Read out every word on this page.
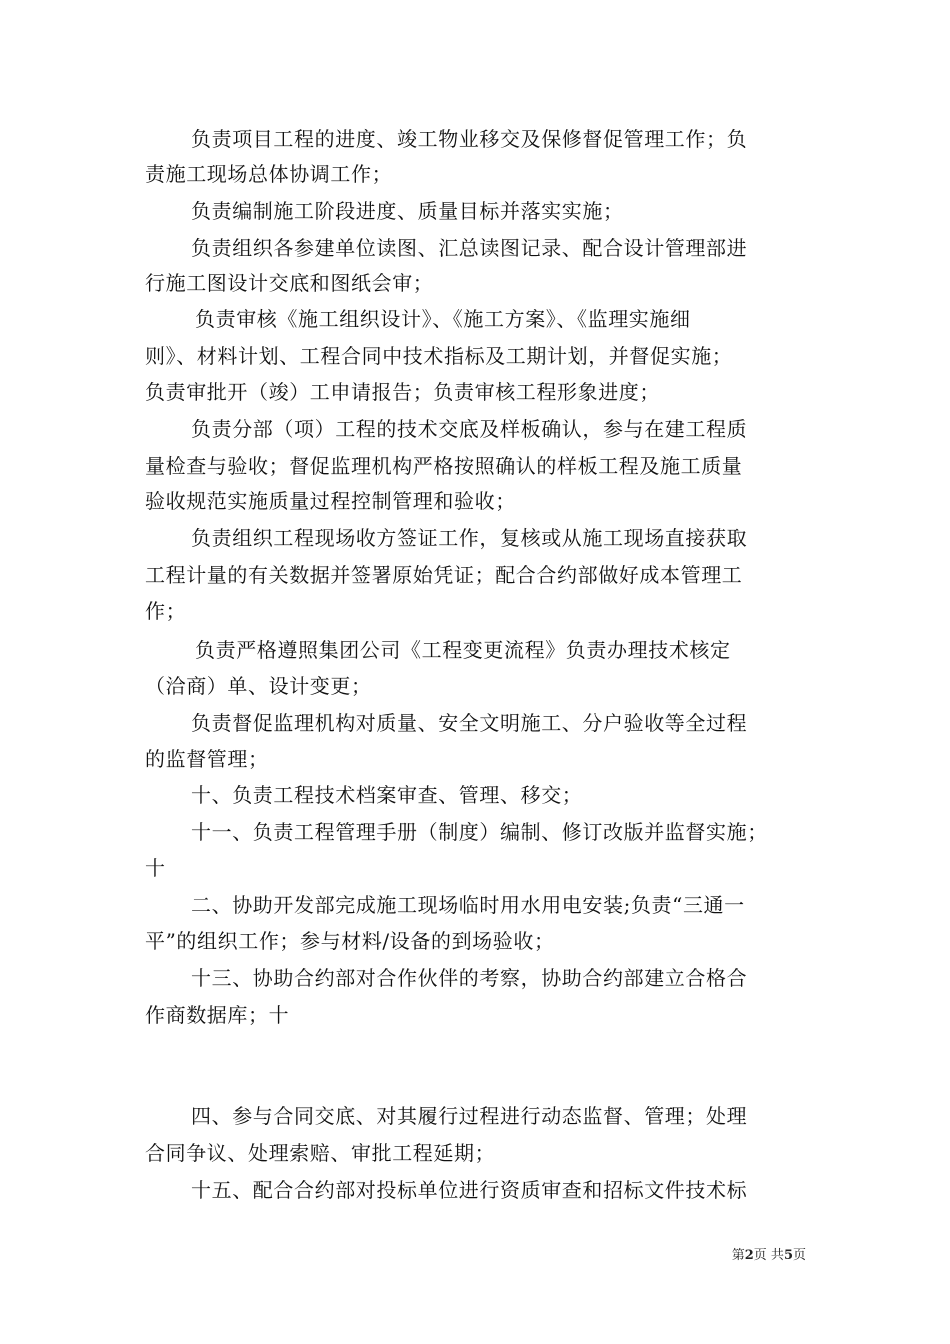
负责项目工程的进度、竣工物业移交及保修督促管理工作；负
责施工现场总体协调工作；
负责编制施工阶段进度、质量目标并落实实施；
负责组织各参建单位读图、汇总读图记录、配合设计管理部进
行施工图设计交底和图纸会审；
负责审核《施工组织设计》、《施工方案》、《监理实施细
则》、材料计划、工程合同中技术指标及工期计划，并督促实施；
负责审批开（竣）工申请报告；负责审核工程形象进度；
负责分部（项）工程的技术交底及样板确认，参与在建工程质
量检查与验收；督促监理机构严格按照确认的样板工程及施工质量
验收规范实施质量过程控制管理和验收；
负责组织工程现场收方签证工作，复核或从施工现场直接获取
工程计量的有关数据并签署原始凭证；配合合约部做好成本管理工
作；
负责严格遵照集团公司《工程变更流程》负责办理技术核定
（洽商）单、设计变更；
负责督促监理机构对质量、安全文明施工、分户验收等全过程
的监督管理；
十、负责工程技术档案审查、管理、移交；
十一、负责工程管理手册（制度）编制、修订改版并监督实施；
十
二、协助开发部完成施工现场临时用水用电安装;负责“三通一
平”的组织工作；参与材料/设备的到场验收；
十三、协助合约部对合作伙伴的考察，协助合约部建立合格合
作商数据库；十
四、参与合同交底、对其履行过程进行动态监督、管理；处理
合同争议、处理索赔、审批工程延期；
十五、配合合约部对投标单位进行资质审查和招标文件技术标
第2页 共5页
